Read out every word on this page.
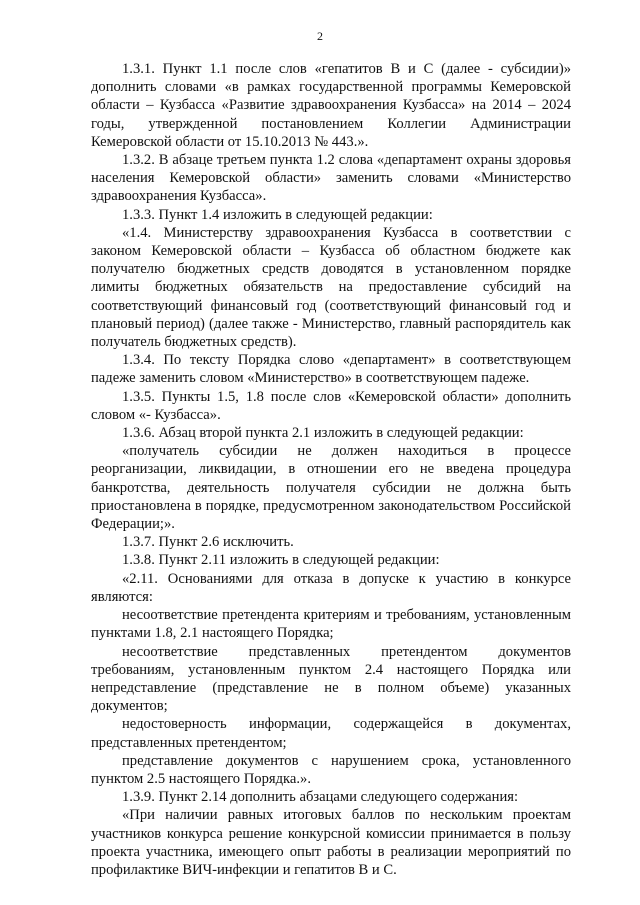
2

1.3.1. Пункт 1.1 после слов «гепатитов В и С (далее - субсидии)» дополнить словами «в рамках государственной программы Кемеровской области – Кузбасса «Развитие здравоохранения Кузбасса» на 2014 – 2024 годы, утвержденной постановлением Коллегии Администрации Кемеровской области от 15.10.2013 № 443.».

1.3.2. В абзаце третьем пункта 1.2 слова «департамент охраны здоровья населения Кемеровской области» заменить словами «Министерство здравоохранения Кузбасса».

1.3.3. Пункт 1.4 изложить в следующей редакции:

«1.4. Министерству здравоохранения Кузбасса в соответствии с законом Кемеровской области – Кузбасса об областном бюджете как получателю бюджетных средств доводятся в установленном порядке лимиты бюджетных обязательств на предоставление субсидий на соответствующий финансовый год (соответствующий финансовый год и плановый период) (далее также - Министерство, главный распорядитель как получатель бюджетных средств).

1.3.4. По тексту Порядка слово «департамент» в соответствующем падеже заменить словом «Министерство» в соответствующем падеже.

1.3.5. Пункты 1.5, 1.8 после слов «Кемеровской области» дополнить словом «- Кузбасса».

1.3.6. Абзац второй пункта 2.1 изложить в следующей редакции:

«получатель субсидии не должен находиться в процессе реорганизации, ликвидации, в отношении его не введена процедура банкротства, деятельность получателя субсидии не должна быть приостановлена в порядке, предусмотренном законодательством Российской Федерации;».

1.3.7. Пункт 2.6 исключить.

1.3.8. Пункт 2.11 изложить в следующей редакции:

«2.11. Основаниями для отказа в допуске к участию в конкурсе являются:

несоответствие претендента критериям и требованиям, установленным пунктами 1.8, 2.1 настоящего Порядка;

несоответствие представленных претендентом документов требованиям, установленным пунктом 2.4 настоящего Порядка или непредставление (представление не в полном объеме) указанных документов;

недостоверность информации, содержащейся в документах, представленных претендентом;

представление документов с нарушением срока, установленного пунктом 2.5 настоящего Порядка.».

1.3.9. Пункт 2.14 дополнить абзацами следующего содержания:

«При наличии равных итоговых баллов по нескольким проектам участников конкурса решение конкурсной комиссии принимается в пользу проекта участника, имеющего опыт работы в реализации мероприятий по профилактике ВИЧ-инфекции и гепатитов В и С.
